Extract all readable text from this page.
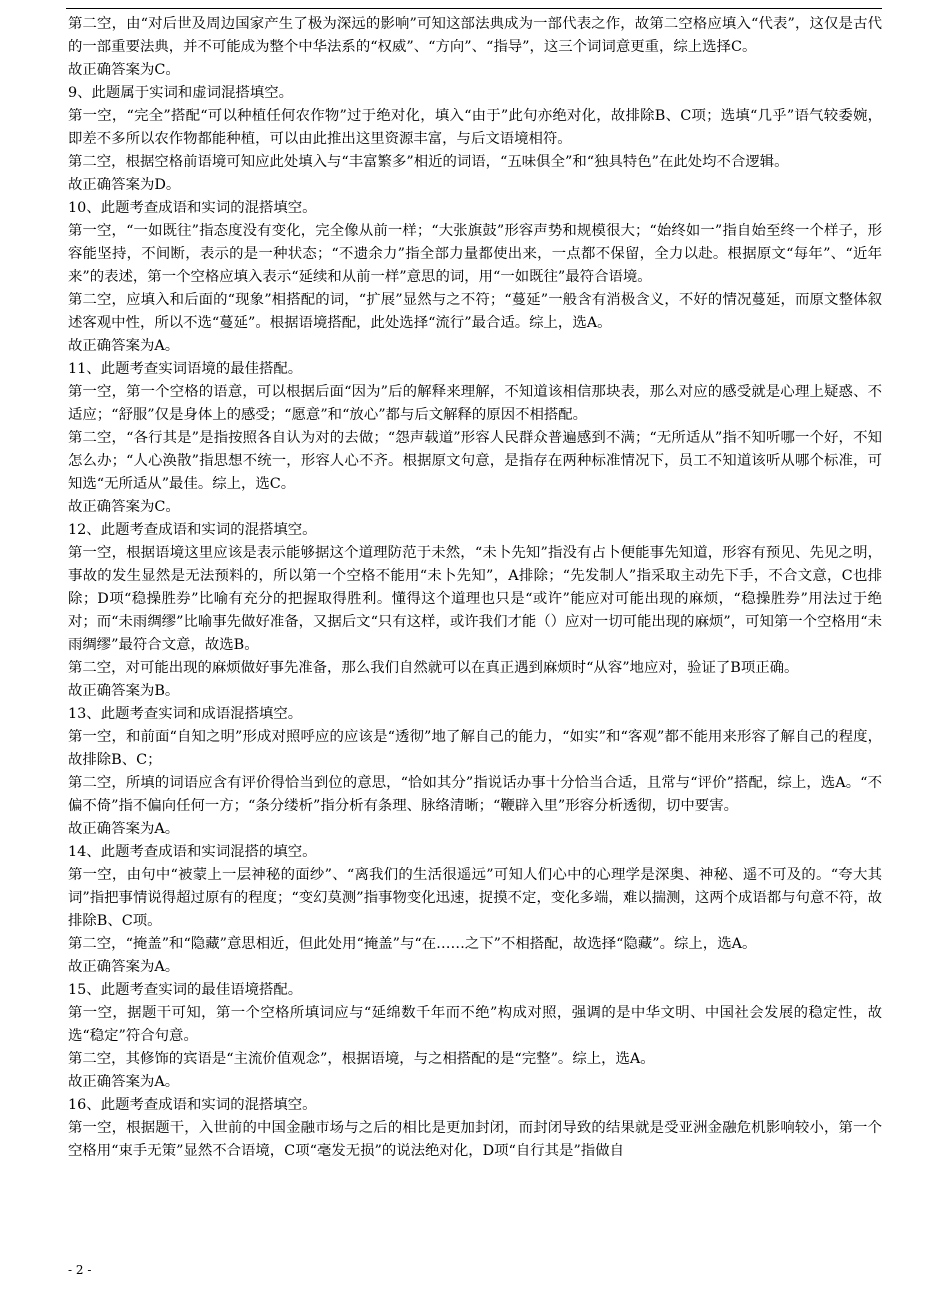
第二空，由“对后世及周边国家产生了极为深远的影响”可知这部法典成为一部代表之作，故第二空格应填入“代表”，这仅是古代的一部重要法典，并不可能成为整个中华法系的“权威”、“方向”、“指导”，这三个词词意更重，综上选择C。

故正确答案为C。

9、此题属于实词和虚词混搭填空。

第一空，“完全”搭配“可以种植任何农作物”过于绝对化，填入“由于”此句亦绝对化，故排除B、C项；选填“几乎”语气较委婉，即差不多所以农作物都能种植，可以由此推出这里资源丰富，与后文语境相符。

第二空，根据空格前语境可知应此处填入与“丰富繁多”相近的词语，“五味俱全”和“独具特色”在此处均不合逻辑。

故正确答案为D。

10、此题考查成语和实词的混搭填空。

第一空，“一如既往”指态度没有变化，完全像从前一样；“大张旗鼓”形容声势和规模很大；“始终如一”指自始至终一个样子，形容能坚持，不间断，表示的是一种状态；“不遗余力”指全部力量都使出来，一点都不保留，全力以赴。根据原文“每年”、“近年来”的表述，第一个空格应填入表示“延续和从前一样”意思的词，用“一如既往”最符合语境。

第二空，应填入和后面的“现象”相搭配的词，“扩展”显然与之不符；“蔓延”一般含有消极含义，不好的情况蔓延，而原文整体叙述客观中性，所以不选“蔓延”。根据语境搭配，此处选择“流行”最合适。综上，选A。

故正确答案为A。

11、此题考查实词语境的最佳搭配。

第一空，第一个空格的语意，可以根据后面“因为”后的解释来理解，不知道该相信那块表，那么对应的感受就是心理上疑惑、不适应；“舒服”仅是身体上的感受；“愿意”和“放心”都与后文解释的原因不相搭配。

第二空，“各行其是”是指按照各自认为对的去做；“怨声载道”形容人民群众普遍感到不满；“无所适从”指不知听哪一个好，不知怎么办；“人心涣散”指思想不统一，形容人心不齐。根据原文句意，是指存在两种标准情况下，员工不知道该听从哪个标准，可知选“无所适从”最佳。综上，选C。

故正确答案为C。

12、此题考查成语和实词的混搭填空。

第一空，根据语境这里应该是表示能够据这个道理防范于未然，“未卜先知”指没有占卜便能事先知道，形容有预见、先见之明，事故的发生显然是无法预料的，所以第一个空格不能用“未卜先知”，A排除；“先发制人”指采取主动先下手，不合文意，C也排除；D项“稳操胜券”比喻有充分的把握取得胜利。懂得这个道理也只是“或许”能应对可能出现的麻烦，“稳操胜券”用法过于绝对；而“未雨绸缪”比喻事先做好准备，又据后文“只有这样，或许我们才能（）应对一切可能出现的麻烦”，可知第一个空格用“未雨绸缪”最符合文意，故选B。

第二空，对可能出现的麻烦做好事先准备，那么我们自然就可以在真正遇到麻烦时“从容”地应对，验证了B项正确。

故正确答案为B。

13、此题考查实词和成语混搭填空。

第一空，和前面“自知之明”形成对照呼应的应该是“透彻”地了解自己的能力，“如实”和“客观”都不能用来形容了解自己的程度，故排除B、C；

第二空，所填的词语应含有评价得恰当到位的意思，“恰如其分”指说话办事十分恰当合适，且常与“评价”搭配，综上，选A。“不偏不倚”指不偏向任何一方；“条分缕析”指分析有条理、脉络清晰；“鞭辟入里”形容分析透彻，切中要害。

故正确答案为A。

14、此题考查成语和实词混搭的填空。

第一空，由句中“被蒙上一层神秘的面纱”、“离我们的生活很遥远”可知人们心中的心理学是深奥、神秘、遥不可及的。“夸大其词”指把事情说得超过原有的程度；“变幻莫测”指事物变化迅速，捉摸不定，变化多端，难以揣测，这两个成语都与句意不符，故排除B、C项。

第二空，“掩盖”和“隐藏”意思相近，但此处用“掩盖”与“在……之下”不相搭配，故选择“隐藏”。综上，选A。

故正确答案为A。

15、此题考查实词的最佳语境搭配。

第一空，据题干可知，第一个空格所填词应与“延绵数千年而不绝”构成对照，强调的是中华文明、中国社会发展的稳定性，故选“稳定”符合句意。

第二空，其修饰的宾语是“主流价值观念”，根据语境，与之相搭配的是“完整”。综上，选A。

故正确答案为A。

16、此题考查成语和实词的混搭填空。

第一空，根据题干，入世前的中国金融市场与之后的相比是更加封闭，而封闭导致的结果就是受亚洲金融危机影响较小，第一个空格用“束手无策”显然不合语境，C项“毫发无损”的说法绝对化，D项“自行其是”指做自

- 2 -
